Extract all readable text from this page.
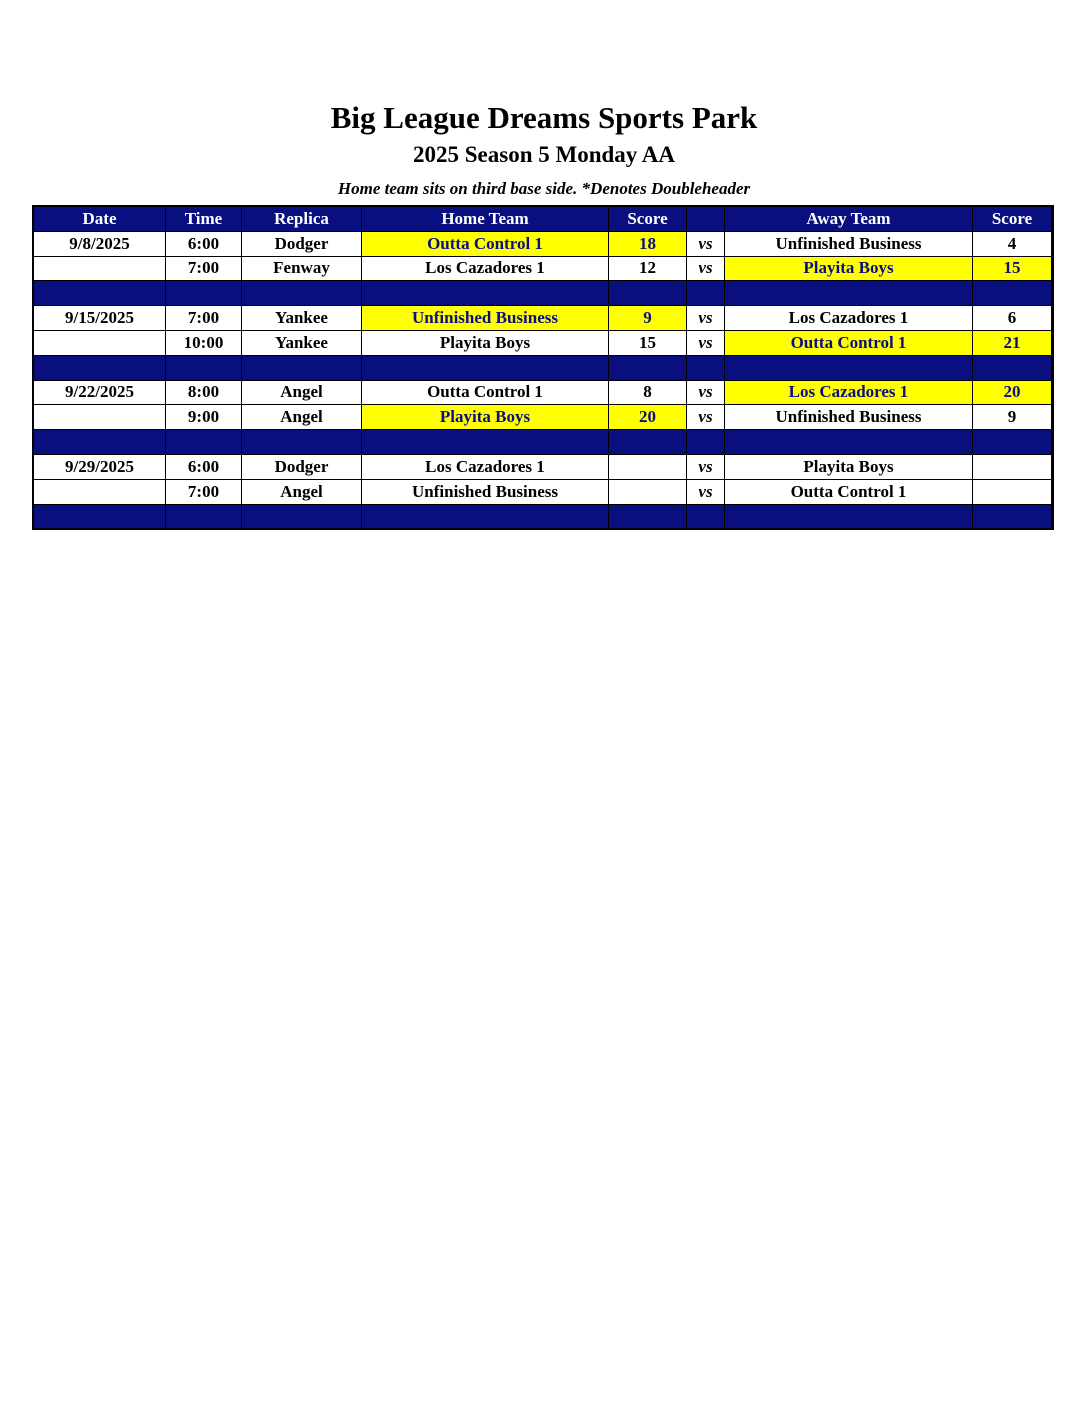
Big League Dreams Sports Park
2025 Season 5 Monday AA
Home team sits on third base side. *Denotes Doubleheader
Date	Time	Replica	Home Team	Score		Away Team	Score
9/8/2025	6:00	Dodger	Outta Control 1	18	vs	Unfinished Business	4
	7:00	Fenway	Los Cazadores 1	12	vs	Playita Boys	15

9/15/2025	7:00	Yankee	Unfinished Business	9	vs	Los Cazadores 1	6
	10:00	Yankee	Playita Boys	15	vs	Outta Control 1	21

9/22/2025	8:00	Angel	Outta Control 1	8	vs	Los Cazadores 1	20
	9:00	Angel	Playita Boys	20	vs	Unfinished Business	9

9/29/2025	6:00	Dodger	Los Cazadores 1		vs	Playita Boys	
	7:00	Angel	Unfinished Business		vs	Outta Control 1	
